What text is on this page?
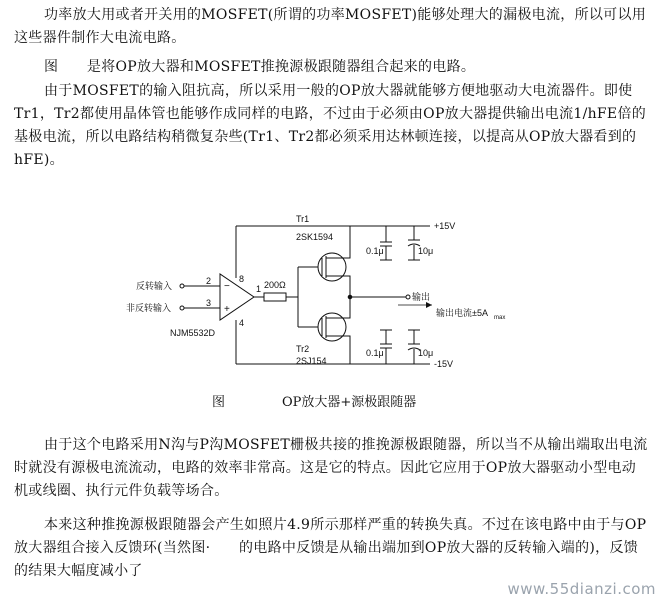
功率放大用或者开关用的MOSFET(所谓的功率MOSFET)能够处理大的漏极电流，所以可以用这些器件制作大电流电路。

图　　是将OP放大器和MOSFET推挽源极跟随器组合起来的电路。

由于MOSFET的输入阻抗高，所以采用一般的OP放大器就能够方便地驱动大电流器件。即使Tr1，Tr2都使用晶体管也能够作成同样的电路，不过由于必须由OP放大器提供输出电流1/hFE倍的基极电流，所以电路结构稍微复杂些(Tr1、Tr2都必须采用达林顿连接，以提高从OP放大器看到的hFE)。

−
+
Tr1
2SK1594
Tr2
2SJ154
反转输入
非反转输入
2
3
8
1
4
NJM5532D
200Ω
+15V
-15V
0.1μ	10μ
0.1μ	10μ
输出
输出电流±5A max
图	OP放大器+源极跟随器

由于这个电路采用N沟与P沟MOSFET栅极共接的推挽源极跟随器，所以当不从输出端取出电流时就没有源极电流流动，电路的效率非常高。这是它的特点。因此它应用于OP放大器驱动小型电动机或线圈、执行元件负载等场合。

本来这种推挽源极跟随器会产生如照片4.9所示那样严重的转换失真。不过在该电路中由于与OP放大器组合接入反馈环(当然图·　　的电路中反馈是从输出端加到OP放大器的反转输入端的)，反馈的结果大幅度减小了

www.55dianzi.com
